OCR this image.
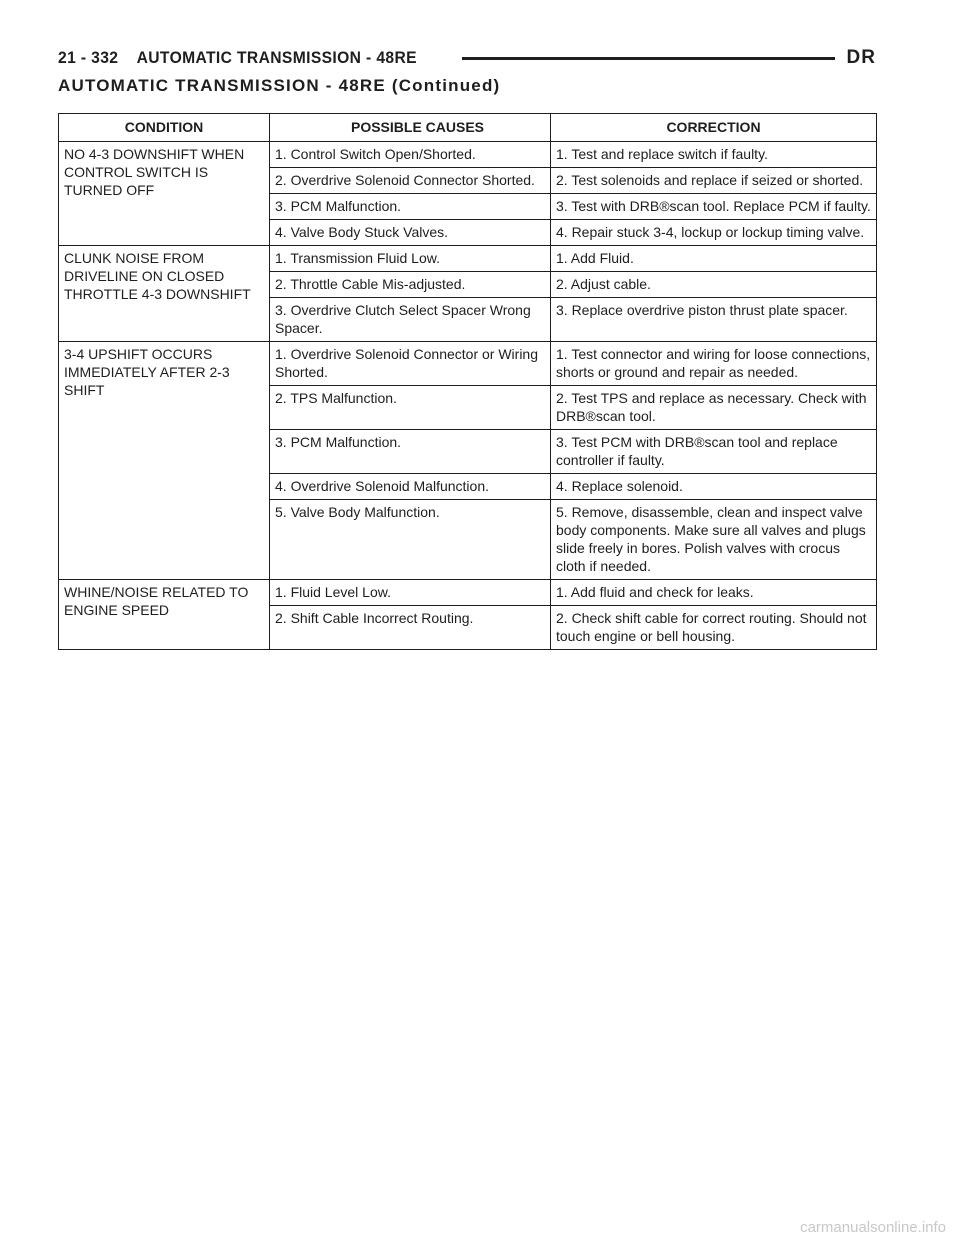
21 - 332    AUTOMATIC TRANSMISSION - 48RE	DR
AUTOMATIC TRANSMISSION - 48RE (Continued)
CONDITION	POSSIBLE CAUSES	CORRECTION
NO 4-3 DOWNSHIFT WHEN CONTROL SWITCH IS TURNED OFF	1. Control Switch Open/Shorted.	1. Test and replace switch if faulty.
	2. Overdrive Solenoid Connector Shorted.	2. Test solenoids and replace if seized or shorted.
	3. PCM Malfunction.	3. Test with DRB®scan tool. Replace PCM if faulty.
	4. Valve Body Stuck Valves.	4. Repair stuck 3-4, lockup or lockup timing valve.
CLUNK NOISE FROM DRIVELINE ON CLOSED THROTTLE 4-3 DOWNSHIFT	1. Transmission Fluid Low.	1. Add Fluid.
	2. Throttle Cable Mis-adjusted.	2. Adjust cable.
	3. Overdrive Clutch Select Spacer Wrong Spacer.	3. Replace overdrive piston thrust plate spacer.
3-4 UPSHIFT OCCURS IMMEDIATELY AFTER 2-3 SHIFT	1. Overdrive Solenoid Connector or Wiring Shorted.	1. Test connector and wiring for loose connections, shorts or ground and repair as needed.
	2. TPS Malfunction.	2. Test TPS and replace as necessary. Check with DRB®scan tool.
	3. PCM Malfunction.	3. Test PCM with DRB®scan tool and replace controller if faulty.
	4. Overdrive Solenoid Malfunction.	4. Replace solenoid.
	5. Valve Body Malfunction.	5. Remove, disassemble, clean and inspect valve body components. Make sure all valves and plugs slide freely in bores. Polish valves with crocus cloth if needed.
WHINE/NOISE RELATED TO ENGINE SPEED	1. Fluid Level Low.	1. Add fluid and check for leaks.
	2. Shift Cable Incorrect Routing.	2. Check shift cable for correct routing. Should not touch engine or bell housing.
carmanualsonline.info
